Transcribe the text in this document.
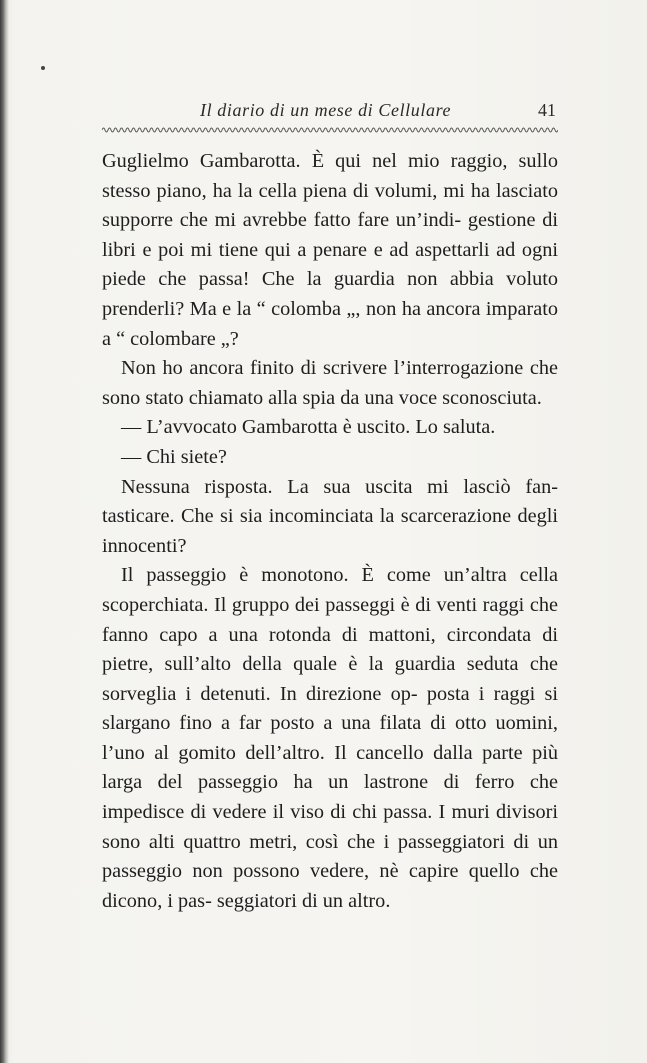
Il diario di un mese di Cellulare	41

Guglielmo Gambarotta. È qui nel mio raggio, sullo stesso piano, ha la cella piena di volumi, mi ha lasciato supporre che mi avrebbe fatto fare un’indi- gestione di libri e poi mi tiene qui a penare e ad aspettarli ad ogni piede che passa! Che la guardia non abbia voluto prenderli? Ma e la “ colomba „, non ha ancora imparato a “ colombare „?

Non ho ancora finito di scrivere l’interrogazione che sono stato chiamato alla spia da una voce sconosciuta.

— L’avvocato Gambarotta è uscito. Lo saluta.

— Chi siete?

Nessuna risposta. La sua uscita mi lasciò fan- tasticare. Che si sia incominciata la scarcerazione degli innocenti?

Il passeggio è monotono. È come un’altra cella scoperchiata. Il gruppo dei passeggi è di venti raggi che fanno capo a una rotonda di mattoni, circondata di pietre, sull’alto della quale è la guardia seduta che sorveglia i detenuti. In direzione op- posta i raggi si slargano fino a far posto a una filata di otto uomini, l’uno al gomito dell’altro. Il cancello dalla parte più larga del passeggio ha un lastrone di ferro che impedisce di vedere il viso di chi passa. I muri divisori sono alti quattro metri, così che i passeggiatori di un passeggio non possono vedere, nè capire quello che dicono, i pas- seggiatori di un altro.
